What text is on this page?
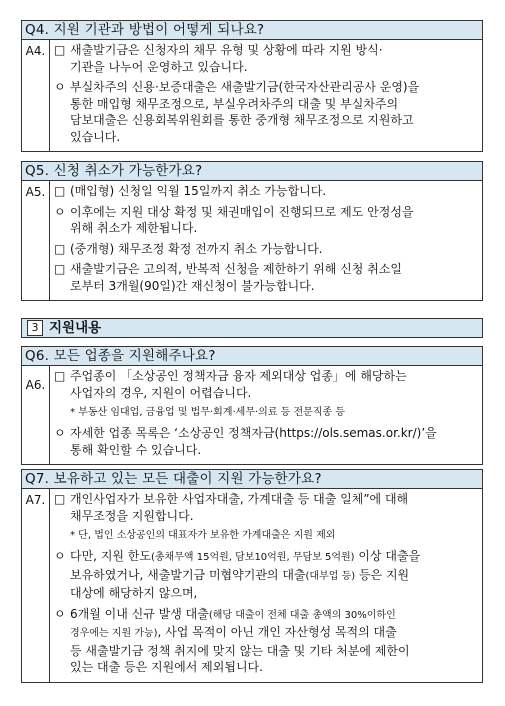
Q4. 지원 기관과 방법이 어떻게 되나요?
A4. □ 새출발기금은 신청자의 채무 유형 및 상황에 따라 지원 방식·
기관을 나누어 운영하고 있습니다.
ㅇ 부실차주의 신용·보증대출은 새출발기금(한국자산관리공사 운영)을
통한 매입형 채무조정으로, 부실우려차주의 대출 및 부실차주의
담보대출은 신용회복위원회를 통한 중개형 채무조정으로 지원하고
있습니다.
Q5. 신청 취소가 가능한가요?
A5. □ (매입형) 신청일 익월 15일까지 취소 가능합니다.
ㅇ 이후에는 지원 대상 확정 및 채권매입이 진행되므로 제도 안정성을
위해 취소가 제한됩니다.
□ (중개형) 채무조정 확정 전까지 취소 가능합니다.
□ 새출발기금은 고의적, 반복적 신청을 제한하기 위해 신청 취소일
로부터 3개월(90일)간 재신청이 불가능합니다.
3 지원내용
Q6. 모든 업종을 지원해주나요?
A6.
□ 주업종이 「소상공인 정책자금 융자 제외대상 업종」에 해당하는
사업자의 경우, 지원이 어렵습니다.
* 부동산 임대업, 금융업 및 법무·회계·세무·의료 등 전문직종 등
ㅇ 자세한 업종 목록은 ‘소상공인 정책자금(https://ols.semas.or.kr/)’을
통해 확인할 수 있습니다.
Q7. 보유하고 있는 모든 대출이 지원 가능한가요?
A7. □ 개인사업자가 보유한 사업자대출, 가계대출 등 대출 일체”에 대해
채무조정을 지원합니다.
* 단, 법인 소상공인의 대표자가 보유한 가계대출은 지원 제외
ㅇ 다만, 지원 한도(총채무액 15억원, 담보10억원, 무담보 5억원) 이상 대출을
보유하였거나, 새출발기금 미협약기관의 대출(대부업 등) 등은 지원
대상에 해당하지 않으며,
ㅇ 6개월 이내 신규 발생 대출(해당 대출이 전체 대출 총액의 30%이하인
경우에는 지원 가능), 사업 목적이 아닌 개인 자산형성 목적의 대출
등 새출발기금 정책 취지에 맞지 않는 대출 및 기타 처분에 제한이
있는 대출 등은 지원에서 제외됩니다.
